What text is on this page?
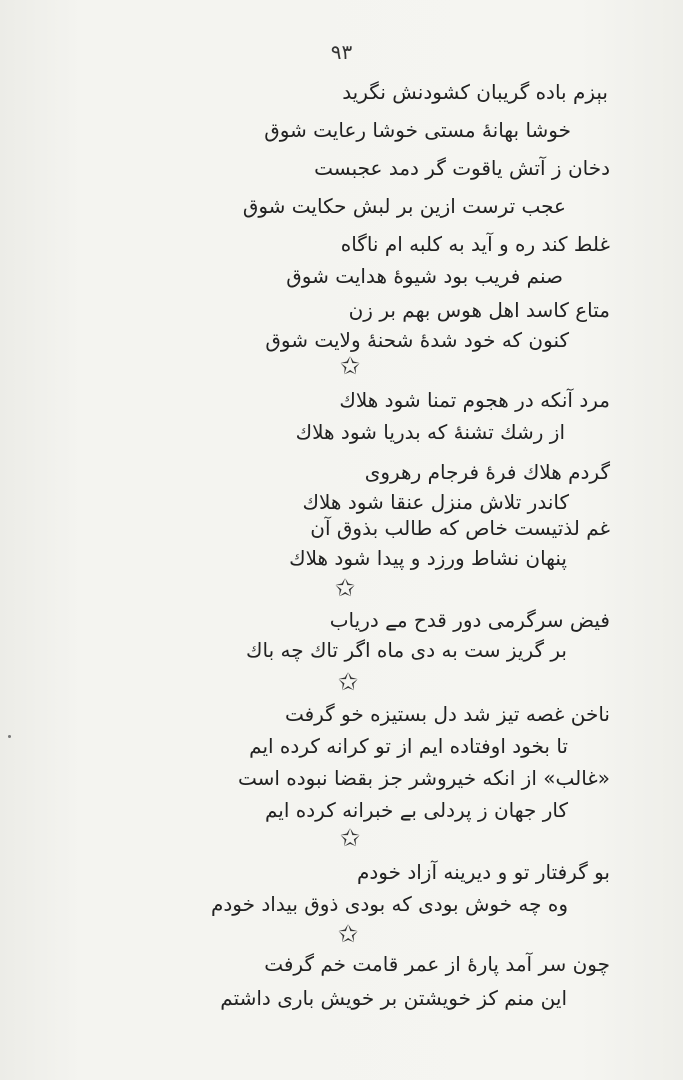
۹۳
بېزم باده گريبان كشودنش نگريد
خوشا بهانهٔ مستى خوشا رعايت شوق
دخان ز آتش ياقوت گر دمد عجبست
عجب ترست ازين بر لبش حكايت شوق
غلط كند ره و آيد به كلبه ام ناگاه
صنم فريب بود شيوهٔ هدايت شوق
متاع كاسد اهل هوس بهم بر زن
كنون كه خود شدهٔ شحنهٔ ولايت شوق
✩
مرد آنكه در هجوم تمنا شود هلاك
از رشك تشنهٔ كه بدريا شود هلاك
گردم هلاك فرهٔ فرجام رهروى
كاندر تلاش منزل عنقا شود هلاك
غم لذتيست خاص كه طالب بذوق آن
پنهان نشاط ورزد و پيدا شود هلاك
✩
فيض سرگرمى دور قدح مے درياب
بر گريز ست به دى ماه اگر تاك چه باك
✩
ناخن غصه تيز شد دل بستيزه خو گرفت
تا بخود اوفتاده ايم از تو كرانه كرده ايم
«غالب» از انكه خيروشر جز بقضا نبوده است
كار جهان ز پردلى بے خبرانه كرده ايم
✩
بو گرفتار تو و ديرينه آزاد خودم
وه چه خوش بودى كه بودى ذوق بيداد خودم
✩
چون سر آمد پارهٔ از عمر قامت خم گرفت
اين منم كز خويشتن بر خويش بارى داشتم
